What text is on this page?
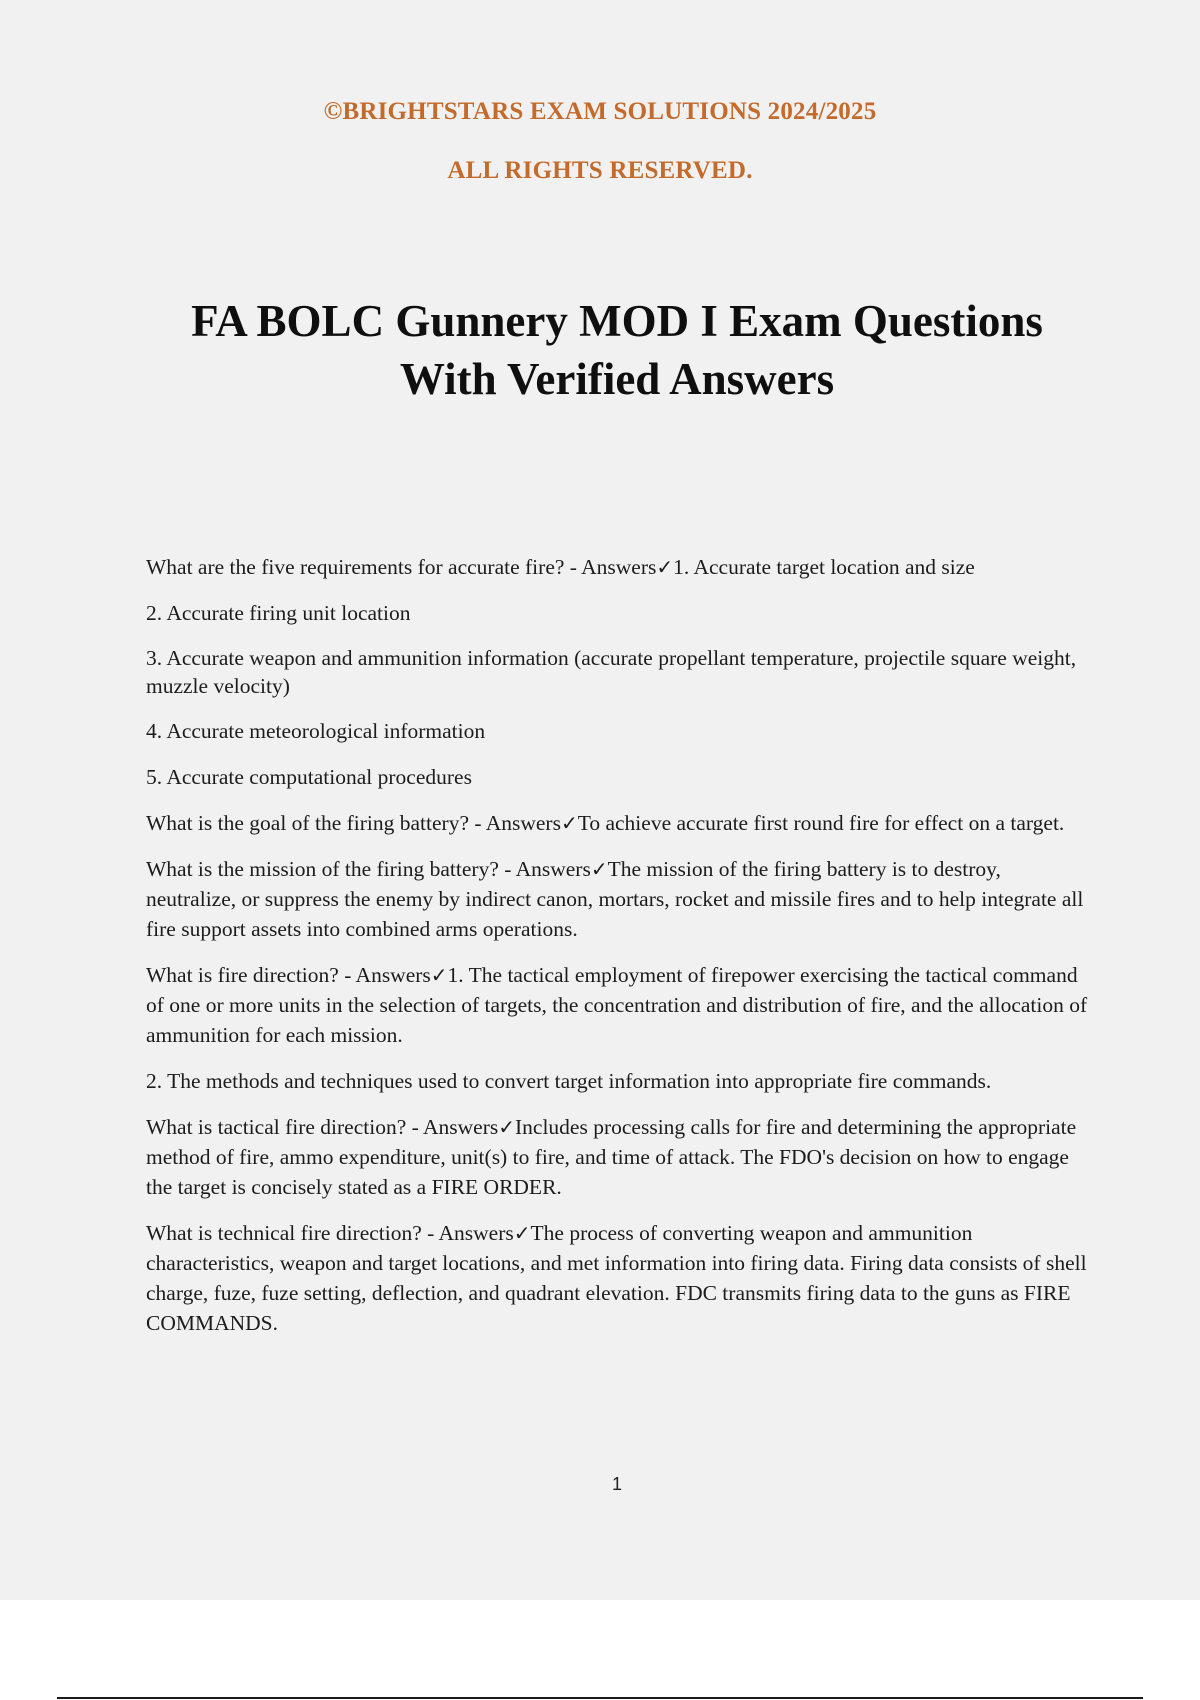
©BRIGHTSTARS EXAM SOLUTIONS 2024/2025
ALL RIGHTS RESERVED.
FA BOLC Gunnery MOD I Exam Questions
With Verified Answers

What are the five requirements for accurate fire? - Answers✓1. Accurate target location and size

2. Accurate firing unit location

3. Accurate weapon and ammunition information (accurate propellant temperature, projectile square weight, muzzle velocity)

4. Accurate meteorological information

5. Accurate computational procedures

What is the goal of the firing battery? - Answers✓To achieve accurate first round fire for effect on a target.

What is the mission of the firing battery? - Answers✓The mission of the firing battery is to destroy, neutralize, or suppress the enemy by indirect canon, mortars, rocket and missile fires and to help integrate all fire support assets into combined arms operations.

What is fire direction? - Answers✓1. The tactical employment of firepower exercising the tactical command of one or more units in the selection of targets, the concentration and distribution of fire, and the allocation of ammunition for each mission.

2. The methods and techniques used to convert target information into appropriate fire commands.

What is tactical fire direction? - Answers✓Includes processing calls for fire and determining the appropriate method of fire, ammo expenditure, unit(s) to fire, and time of attack. The FDO's decision on how to engage the target is concisely stated as a FIRE ORDER.

What is technical fire direction? - Answers✓The process of converting weapon and ammunition characteristics, weapon and target locations, and met information into firing data. Firing data consists of shell charge, fuze, fuze setting, deflection, and quadrant elevation. FDC transmits firing data to the guns as FIRE COMMANDS.

1
